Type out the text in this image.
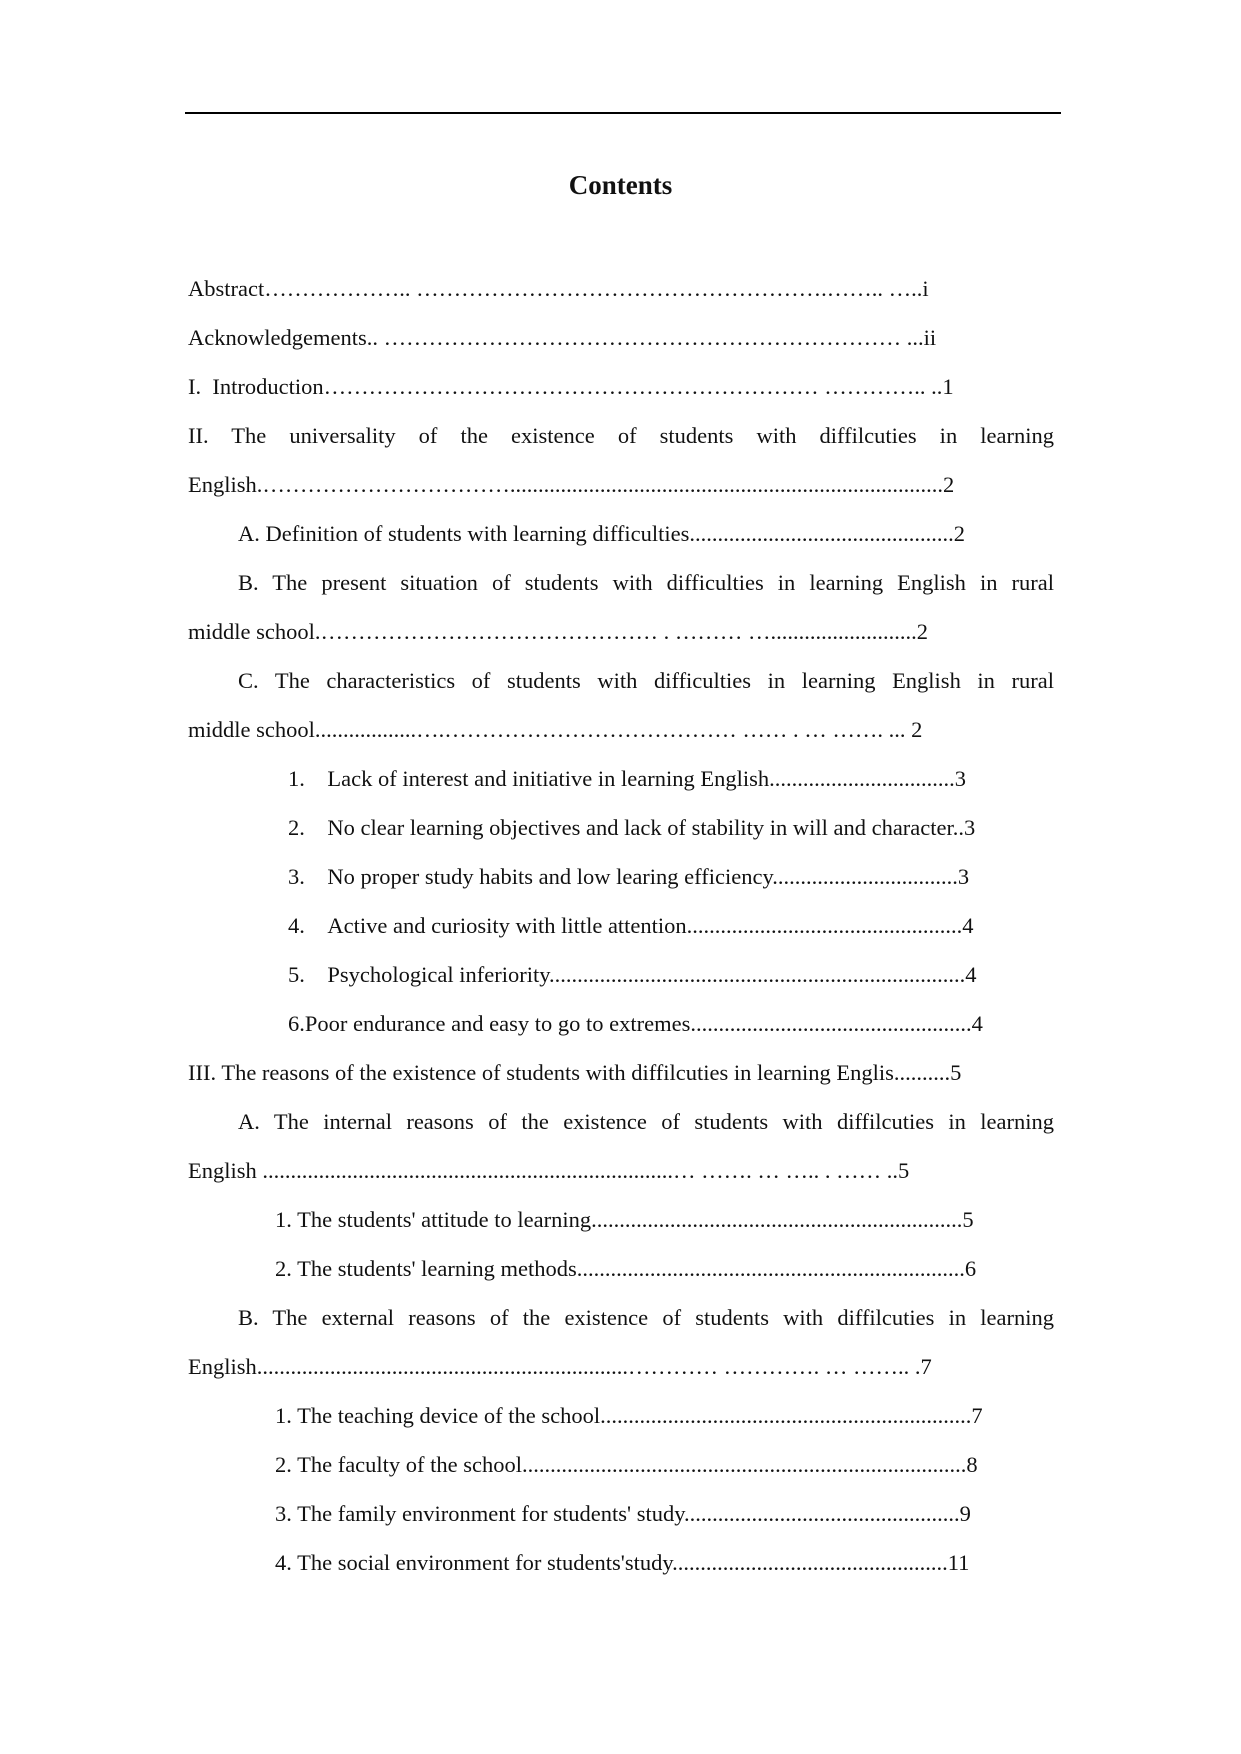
Contents
Abstract……………….. ……………………………………………….…….. …..i
Acknowledgements.. …………………………………………………………… ...ii
I.  Introduction………………………………………………………… ………….. ..1
II. The universality of the existence of students with diffilcuties in learning
English.…………………………….............................................................................2
A. Definition of students with learning difficulties...............................................2
B. The present situation of students with difficulties in learning English in rural
middle school.……………………………………… . ……… …..........................2
C. The characteristics of students with difficulties in learning English in rural
middle school..................….………………………………… …… . … ……. ... 2
1.    Lack of interest and initiative in learning English.................................3
2.    No clear learning objectives and lack of stability in will and character..3
3.    No proper study habits and low learing efficiency.................................3
4.    Active and curiosity with little attention.................................................4
5.    Psychological inferiority..........................................................................4
6.Poor endurance and easy to go to extremes..................................................4
III. The reasons of the existence of students with diffilcuties in learning Englis..........5
A. The internal reasons of the existence of students with diffilcuties in learning
English .........................................................................… ……. … ….. . …… ..5
1. The students' attitude to learning..................................................................5
2. The students' learning methods.....................................................................6
B. The external reasons of the existence of students with diffilcuties in learning
English..................................................................………… …………. … …….. .7
1. The teaching device of the school..................................................................7
2. The faculty of the school...............................................................................8
3. The family environment for students' study.................................................9
4. The social environment for students'study.................................................11
